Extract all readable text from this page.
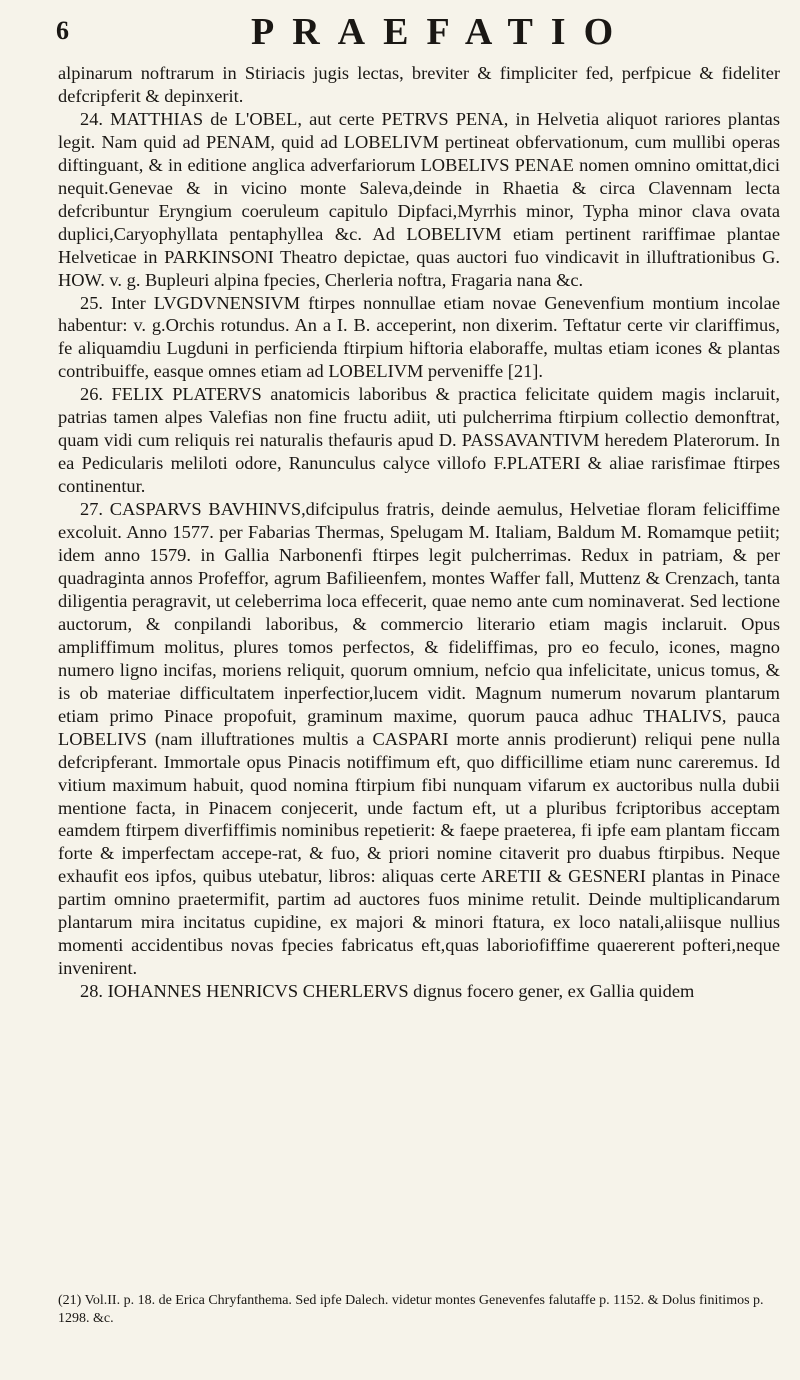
6	PRAEFATIO

alpinarum noftrarum in Stiriacis jugis lectas, breviter & fimpliciter fed, perfpicue & fideliter defcripferit & depinxerit.

24. MATTHIAS de L'OBEL, aut certe PETRVS PENA, in Helvetia aliquot rariores plantas legit. Nam quid ad PENAM, quid ad LOBELIVM pertineat obfervationum, cum mullibi operas diftinguant, & in editione anglica adverfariorum LOBELIVS PENAE nomen omnino omittat,dici nequit.Genevae & in vicino monte Saleva,deinde in Rhaetia & circa Clavennam lecta defcribuntur Eryngium coeruleum capitulo Dipfaci,Myrrhis minor, Typha minor clava ovata duplici,Caryophyllata pentaphyllea &c. Ad LOBELIVM etiam pertinent rariffimae plantae Helveticae in PARKINSONI Theatro depictae, quas auctori fuo vindicavit in illuftrationibus G. HOW. v. g. Bupleuri alpina fpecies, Cherleria noftra, Fragaria nana &c.

25. Inter LVGDVNENSIVM ftirpes nonnullae etiam novae Genevenfium montium incolae habentur: v. g.Orchis rotundus. An a I. B. acceperint, non dixerim. Teftatur certe vir clariffimus, fe aliquamdiu Lugduni in perficienda ftirpium hiftoria elaboraffe, multas etiam icones & plantas contribuiffe, easque omnes etiam ad LOBELIVM perveniffe [21].

26. FELIX PLATERVS anatomicis laboribus & practica felicitate quidem magis inclaruit, patrias tamen alpes Valefias non fine fructu adiit, uti pulcherrima ftirpium collectio demonftrat, quam vidi cum reliquis rei naturalis thefauris apud D. PASSAVANTIVM heredem Platerorum. In ea Pedicularis meliloti odore, Ranunculus calyce villofo F.PLATERI & aliae rarisfimae ftirpes continentur.

27. CASPARVS BAVHINVS,difcipulus fratris, deinde aemulus, Helvetiae floram feliciffime excoluit. Anno 1577. per Fabarias Thermas, Spelugam M. Italiam, Baldum M. Romamque petiit; idem anno 1579. in Gallia Narbonenfi ftirpes legit pulcherrimas. Redux in patriam, & per quadraginta annos Profeffor, agrum Bafilieenfem, montes Waffer fall, Muttenz & Crenzach, tanta diligentia peragravit, ut celeberrima loca effecerit, quae nemo ante cum nominaverat. Sed lectione auctorum, & conpilandi laboribus, & commercio literario etiam magis inclaruit. Opus ampliffimum molitus, plures tomos perfectos, & fideliffimas, pro eo feculo, icones, magno numero ligno incifas, moriens reliquit, quorum omnium, nefcio qua infelicitate, unicus tomus, & is ob materiae difficultatem inperfectior,lucem vidit. Magnum numerum novarum plantarum etiam primo Pinace propofuit, graminum maxime, quorum pauca adhuc THALIVS, pauca LOBELIVS (nam illuftrationes multis a CASPARI morte annis prodierunt) reliqui pene nulla defcripferant. Immortale opus Pinacis notiffimum eft, quo difficillime etiam nunc careremus. Id vitium maximum habuit, quod nomina ftirpium fibi nunquam vifarum ex auctoribus nulla dubii mentione facta, in Pinacem conjecerit, unde factum eft, ut a pluribus fcriptoribus acceptam eamdem ftirpem diverfiffimis nominibus repetierit: & faepe praeterea, fi ipfe eam plantam ficcam forte & imperfectam accepe-rat, & fuo, & priori nomine citaverit pro duabus ftirpibus. Neque exhaufit eos ipfos, quibus utebatur, libros: aliquas certe ARETII & GESNERI plantas in Pinace partim omnino praetermifit, partim ad auctores fuos minime retulit. Deinde multiplicandarum plantarum mira incitatus cupidine, ex majori & minori ftatura, ex loco natali,aliisque nullius momenti accidentibus novas fpecies fabricatus eft,quas laboriofiffime quaererent pofteri,neque invenirent.

28. IOHANNES HENRICVS CHERLERVS dignus focero gener, ex Gallia quidem

(21) Vol.II. p. 18. de Erica Chryfanthema. Sed ipfe Dalech. videtur montes Genevenfes falutaffe p. 1152. & Dolus finitimos p. 1298. &c.
